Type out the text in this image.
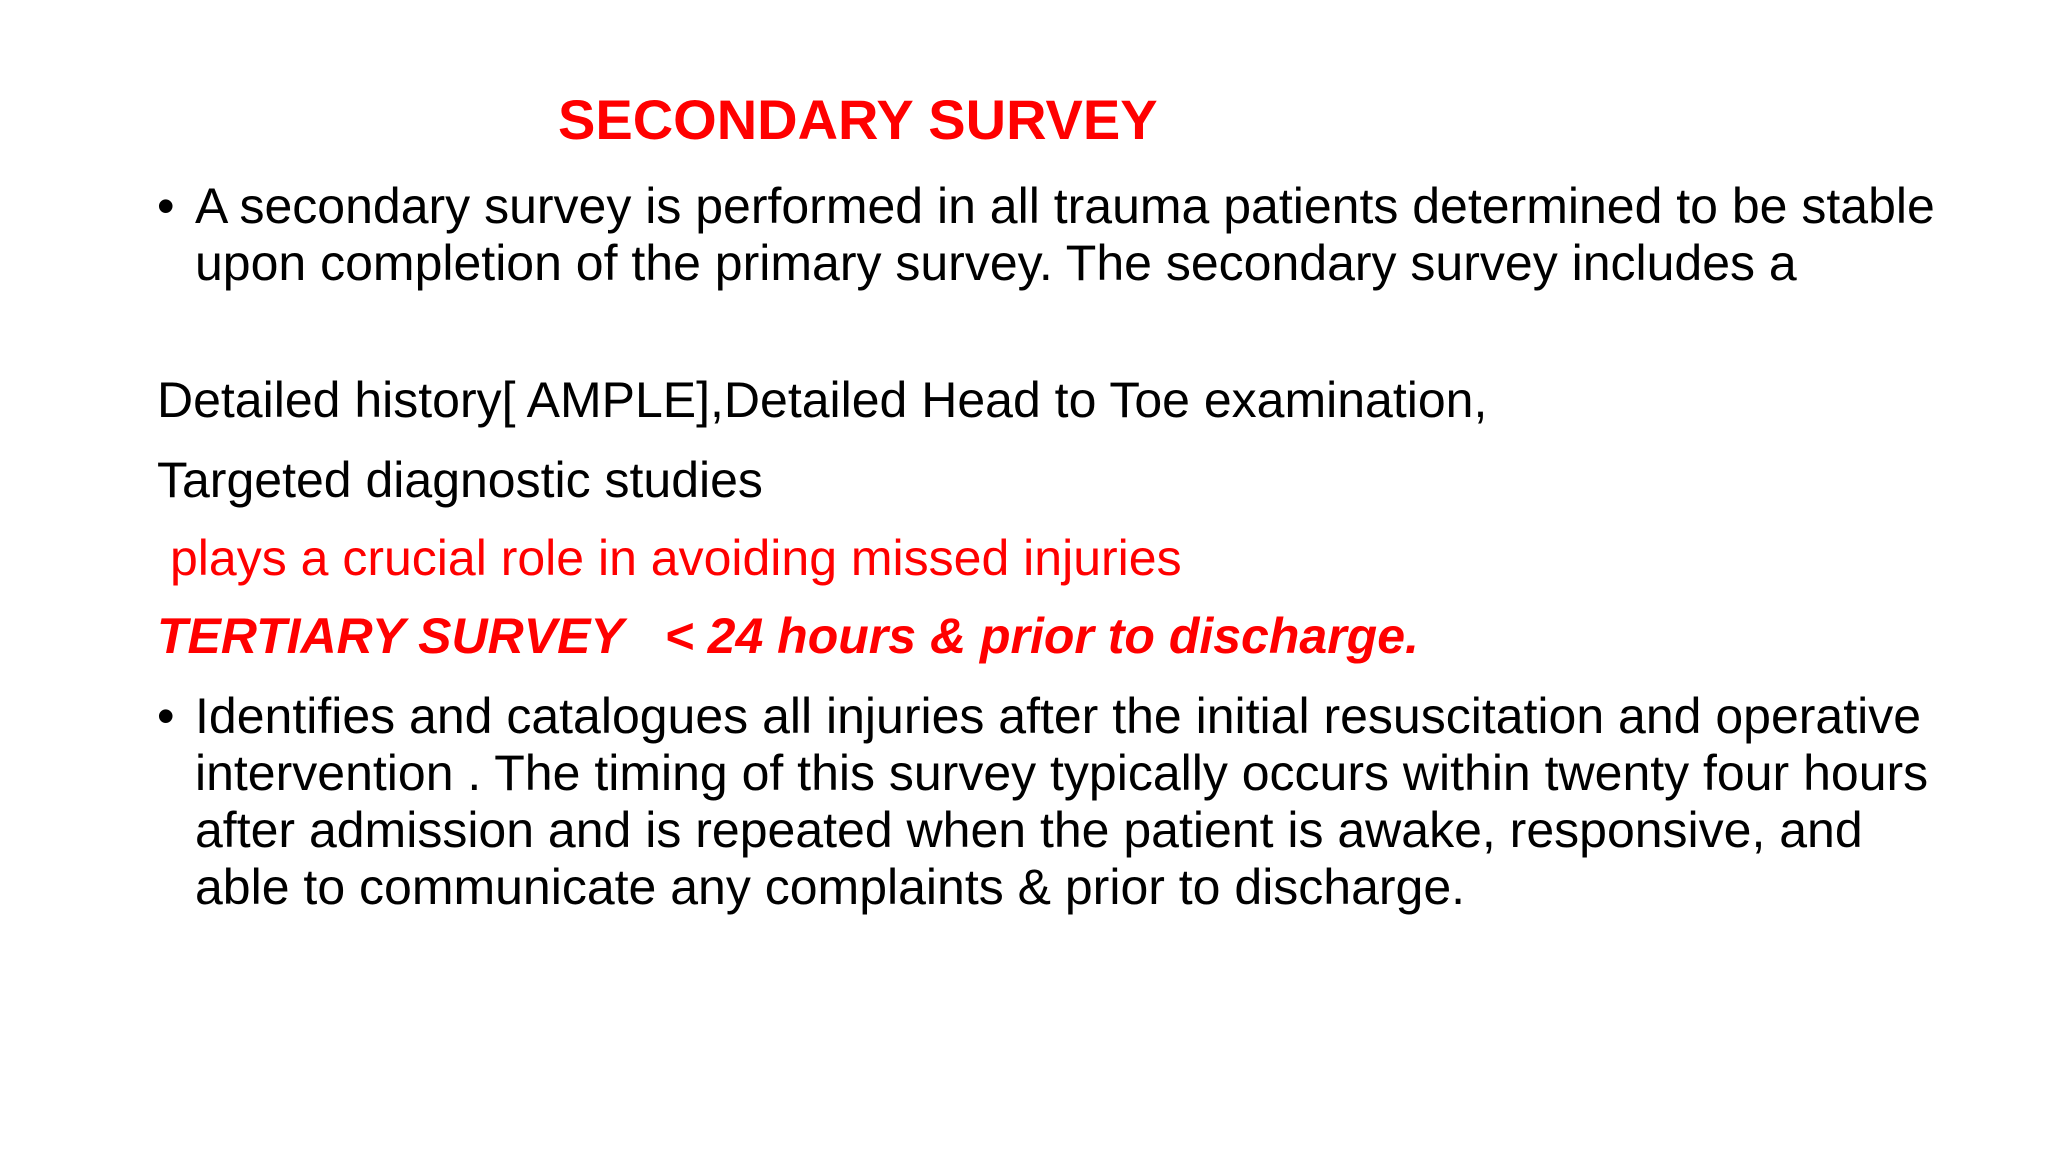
SECONDARY SURVEY
• A secondary survey is performed in all trauma patients determined to be stable upon completion of the primary survey. The secondary survey includes a
Detailed history[ AMPLE],Detailed Head to Toe examination,
Targeted diagnostic studies
plays a crucial role in avoiding missed injuries
TERTIARY SURVEY   < 24 hours & prior to discharge.
• Identifies and catalogues all injuries after the initial resuscitation and operative intervention . The timing of this survey typically occurs within twenty four hours after admission and is repeated when the patient is awake, responsive, and able to communicate any complaints & prior to discharge.
